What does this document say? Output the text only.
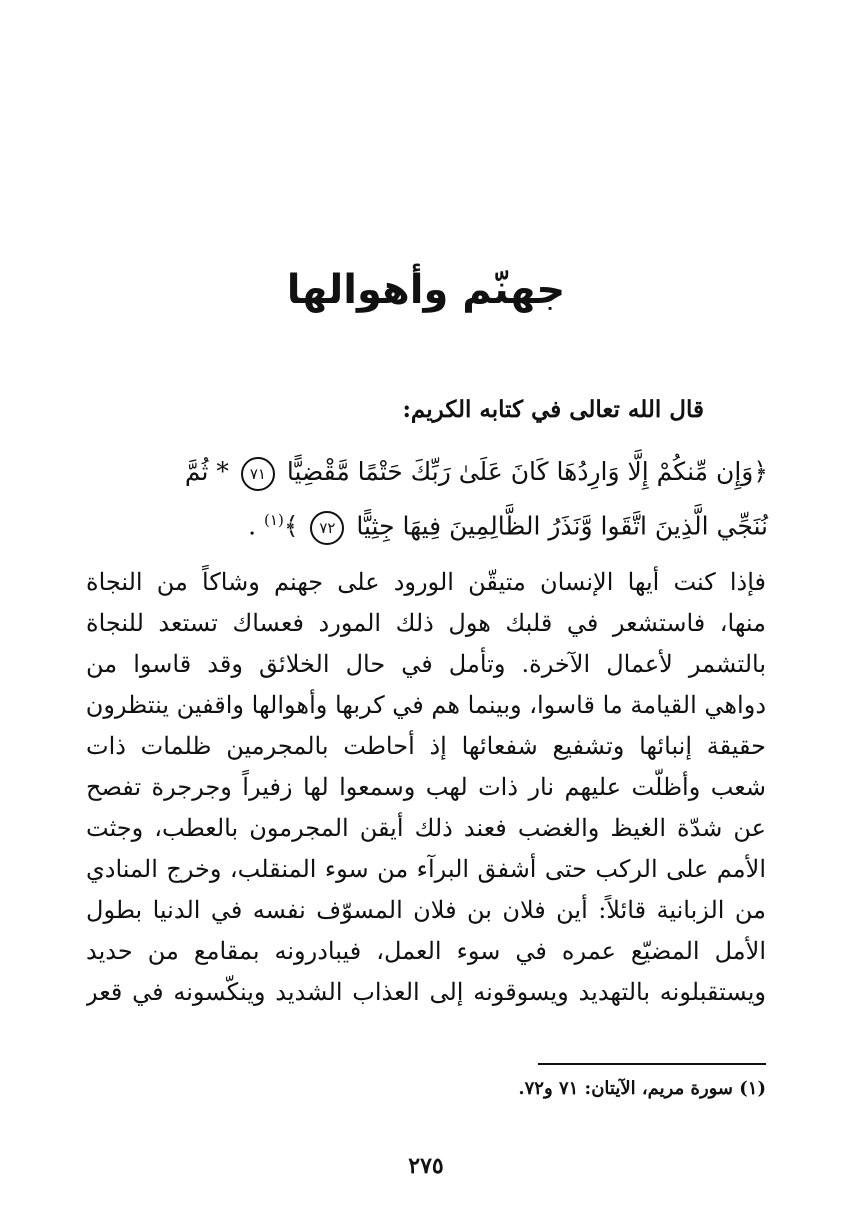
جهنّم وأهوالها
قال الله تعالى في كتابه الكريم:
﴿وَإِن مِّنكُمْ إِلَّا وَارِدُهَا كَانَ عَلَىٰ رَبِّكَ حَتْمًا مَّقْضِيًّا ٧١ * ثُمَّ
نُنَجِّي الَّذِينَ اتَّقَوا وَّنَذَرُ الظَّالِمِينَ فِيهَا جِثِيًّا ٧٢ ﴾$^{(١)}$ .
فإذا كنت أيها الإنسان متيقّن الورود على جهنم وشاكاً من النجاة
منها، فاستشعر في قلبك هول ذلك المورد فعساك تستعد للنجاة
بالتشمر لأعمال الآخرة. وتأمل في حال الخلائق وقد قاسوا من
دواهي القيامة ما قاسوا، وبينما هم في كربها وأهوالها واقفين ينتظرون
حقيقة إنبائها وتشفيع شفعائها إذ أحاطت بالمجرمين ظلمات ذات
شعب وأظلّت عليهم نار ذات لهب وسمعوا لها زفيراً وجرجرة تفصح
عن شدّة الغيظ والغضب فعند ذلك أيقن المجرمون بالعطب، وجثت
الأمم على الركب حتى أشفق البرآء من سوء المنقلب، وخرج المنادي
من الزبانية قائلاً: أين فلان بن فلان المسوّف نفسه في الدنيا بطول
الأمل المضيّع عمره في سوء العمل، فيبادرونه بمقامع من حديد
ويستقبلونه بالتهديد ويسوقونه إلى العذاب الشديد وينكّسونه في قعر
(١) سورة مريم، الآيتان: ٧١ و٧٢.
٢٧٥
